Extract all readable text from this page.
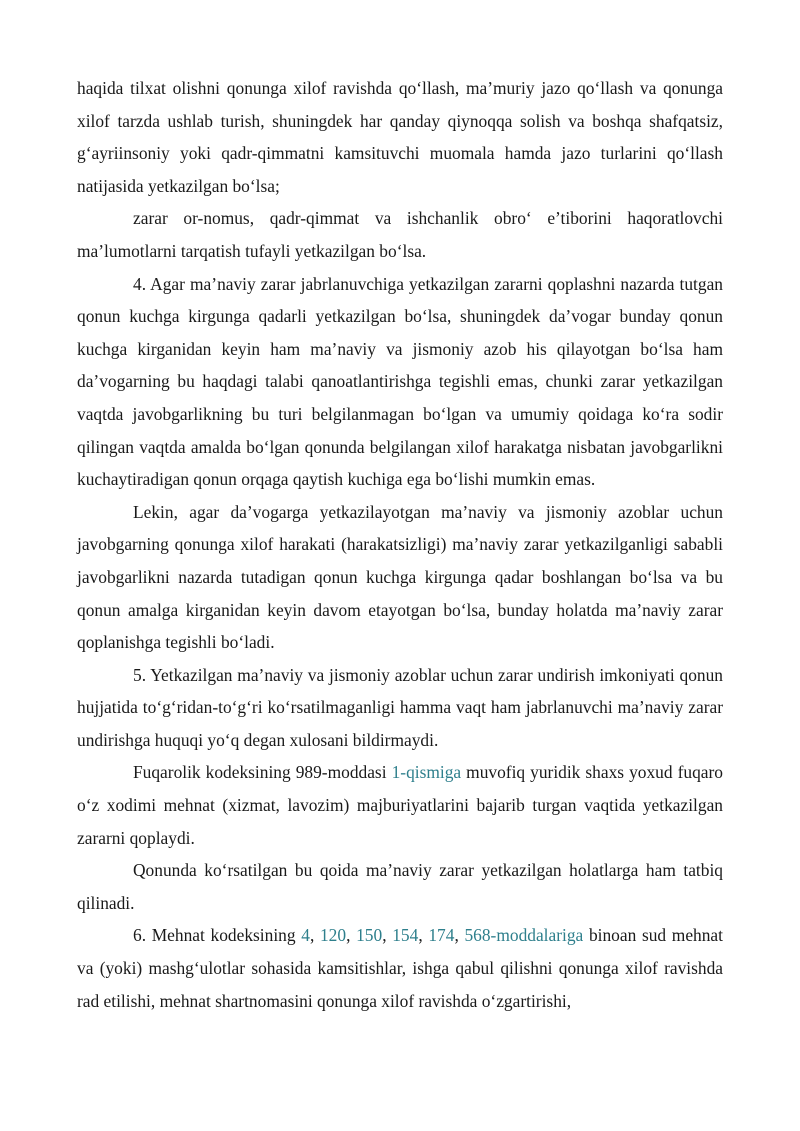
haqida tilxat olishni qonunga xilof ravishda qo‘llash, ma’muriy jazo qo‘llash va qonunga xilof tarzda ushlab turish, shuningdek har qanday qiynoqqa solish va boshqa shafqatsiz, g‘ayriinsoniy yoki qadr-qimmatni kamsituvchi muomala hamda jazo turlarini qo‘llash natijasida yetkazilgan bo‘lsa;

zarar or-nomus, qadr-qimmat va ishchanlik obro‘ e’tiborini haqoratlovchi ma’lumotlarni tarqatish tufayli yetkazilgan bo‘lsa.

4. Agar ma’naviy zarar jabrlanuvchiga yetkazilgan zararni qoplashni nazarda tutgan qonun kuchga kirgunga qadarli yetkazilgan bo‘lsa, shuningdek da’vogar bunday qonun kuchga kirganidan keyin ham ma’naviy va jismoniy azob his qilayotgan bo‘lsa ham da’vogarning bu haqdagi talabi qanoatlantirishga tegishli emas, chunki zarar yetkazilgan vaqtda javobgarlikning bu turi belgilanmagan bo‘lgan va umumiy qoidaga ko‘ra sodir qilingan vaqtda amalda bo‘lgan qonunda belgilangan xilof harakatga nisbatan javobgarlikni kuchaytiradigan qonun orqaga qaytish kuchiga ega bo‘lishi mumkin emas.

Lekin, agar da’vogarga yetkazilayotgan ma’naviy va jismoniy azoblar uchun javobgarning qonunga xilof harakati (harakatsizligi) ma’naviy zarar yetkazilganligi sababli javobgarlikni nazarda tutadigan qonun kuchga kirgunga qadar boshlangan bo‘lsa va bu qonun amalga kirganidan keyin davom etayotgan bo‘lsa, bunday holatda ma’naviy zarar qoplanishga tegishli bo‘ladi.

5. Yetkazilgan ma’naviy va jismoniy azoblar uchun zarar undirish imkoniyati qonun hujjatida to‘g‘ridan-to‘g‘ri ko‘rsatilmaganligi hamma vaqt ham jabrlanuvchi ma’naviy zarar undirishga huquqi yo‘q degan xulosani bildirmaydi.

Fuqarolik kodeksining 989-moddasi 1-qismiga muvofiq yuridik shaxs yoxud fuqaro o‘z xodimi mehnat (xizmat, lavozim) majburiyatlarini bajarib turgan vaqtida yetkazilgan zararni qoplaydi.

Qonunda ko‘rsatilgan bu qoida ma’naviy zarar yetkazilgan holatlarga ham tatbiq qilinadi.

6. Mehnat kodeksining 4, 120, 150, 154, 174, 568-moddalariga binoan sud mehnat va (yoki) mashg‘ulotlar sohasida kamsitishlar, ishga qabul qilishni qonunga xilof ravishda rad etilishi, mehnat shartnomasini qonunga xilof ravishda o‘zgartirishi,
